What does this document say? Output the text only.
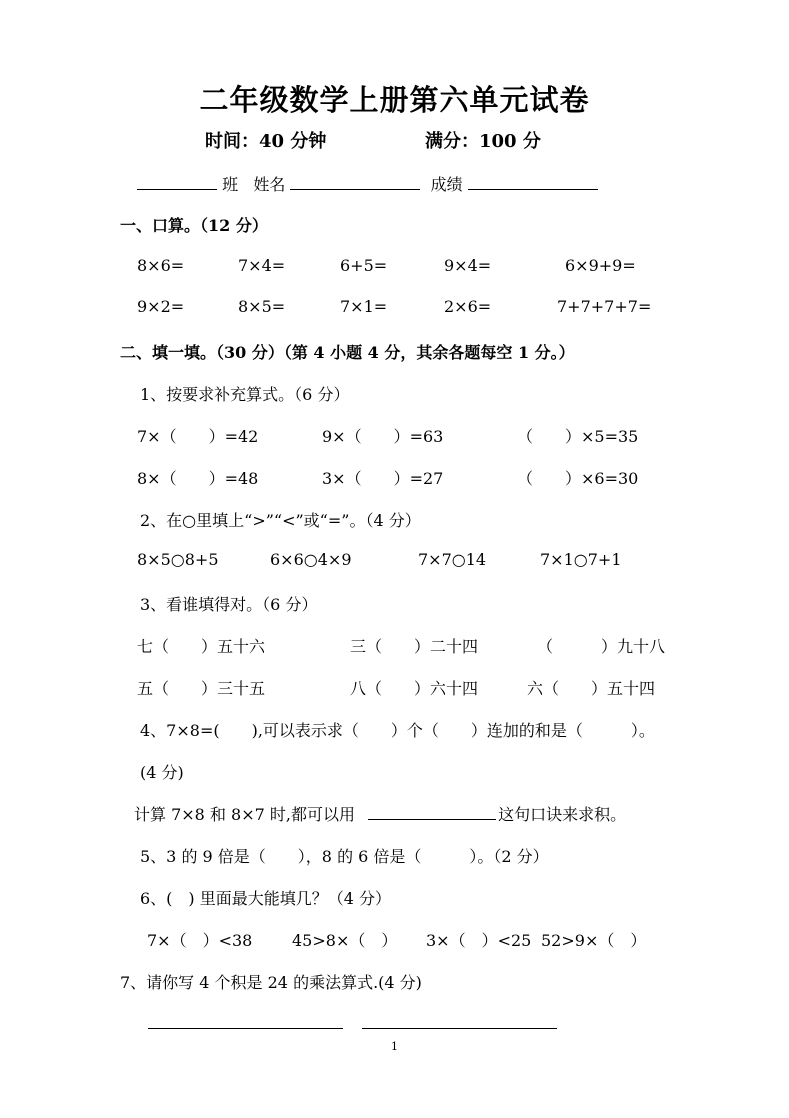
二年级数学上册第六单元试卷
时间：40 分钟	满分：100 分
班 姓名	成绩
一、口算。（12 分）
8×6=	7×4=	6+5=	9×4=	6×9+9=
9×2=	8×5=	7×1=	2×6=	7+7+7+7=
二、填一填。（30 分）（第 4 小题 4 分，其余各题每空 1 分。）
1、按要求补充算式。（6 分）
7×（　　）=42	9×（　　）=63	（　　）×5=35
8×（　　）=48	3×（　　）=27	（　　）×6=30
2、在○里填上“>”“<”或“=”。（4 分）
8×5○8+5	6×6○4×9	7×7○14	7×1○7+1
3、看谁填得对。（6 分）
七（　　）五十六	三（　　）二十四	（　　　）九十八
五（　　）三十五	八（　　）六十四	六（　　）五十四
4、7×8=(　　),可以表示求（　　）个（　　）连加的和是（　　　）。
(4 分)
计算 7×8 和 8×7 时,都可以用	这句口诀来求积。
5、3 的 9 倍是（　　），8 的 6 倍是（　　　）。（2 分）
6、(　) 里面最大能填几？（4 分）
7×（　）<38 45>8×（　） 3×（　）<25 52>9×（　）
7、请你写 4 个积是 24 的乘法算式.(4 分)
1
